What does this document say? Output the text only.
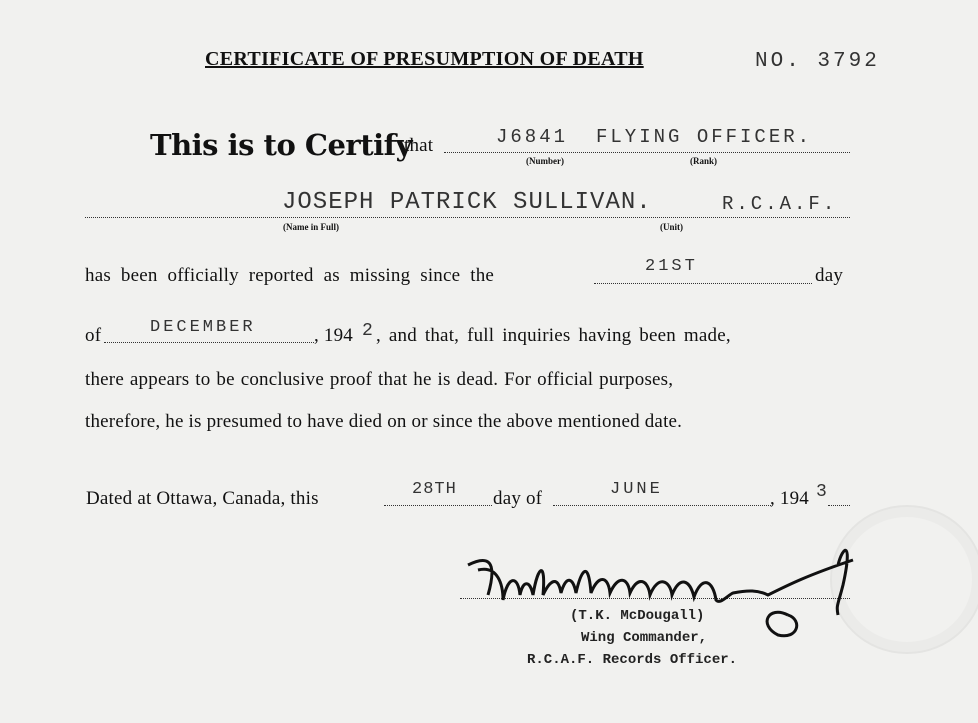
CERTIFICATE OF PRESUMPTION OF DEATH	NO. 3792
This is to Certify
that	J6841 FLYING OFFICER.
(Number)	(Rank)
JOSEPH PATRICK SULLIVAN.	R.C.A.F.
(Name in Full)	(Unit)
has been officially reported as missing since the	21ST	day
of	DECEMBER	, 194 2 , and that, full inquiries having been made,
there appears to be conclusive proof that he is dead. For official purposes,
therefore, he is presumed to have died on or since the above mentioned date.
Dated at Ottawa, Canada, this	28TH day of	JUNE	, 194 3
(T.K. McDougall)
Wing Commander,
R.C.A.F. Records Officer.
